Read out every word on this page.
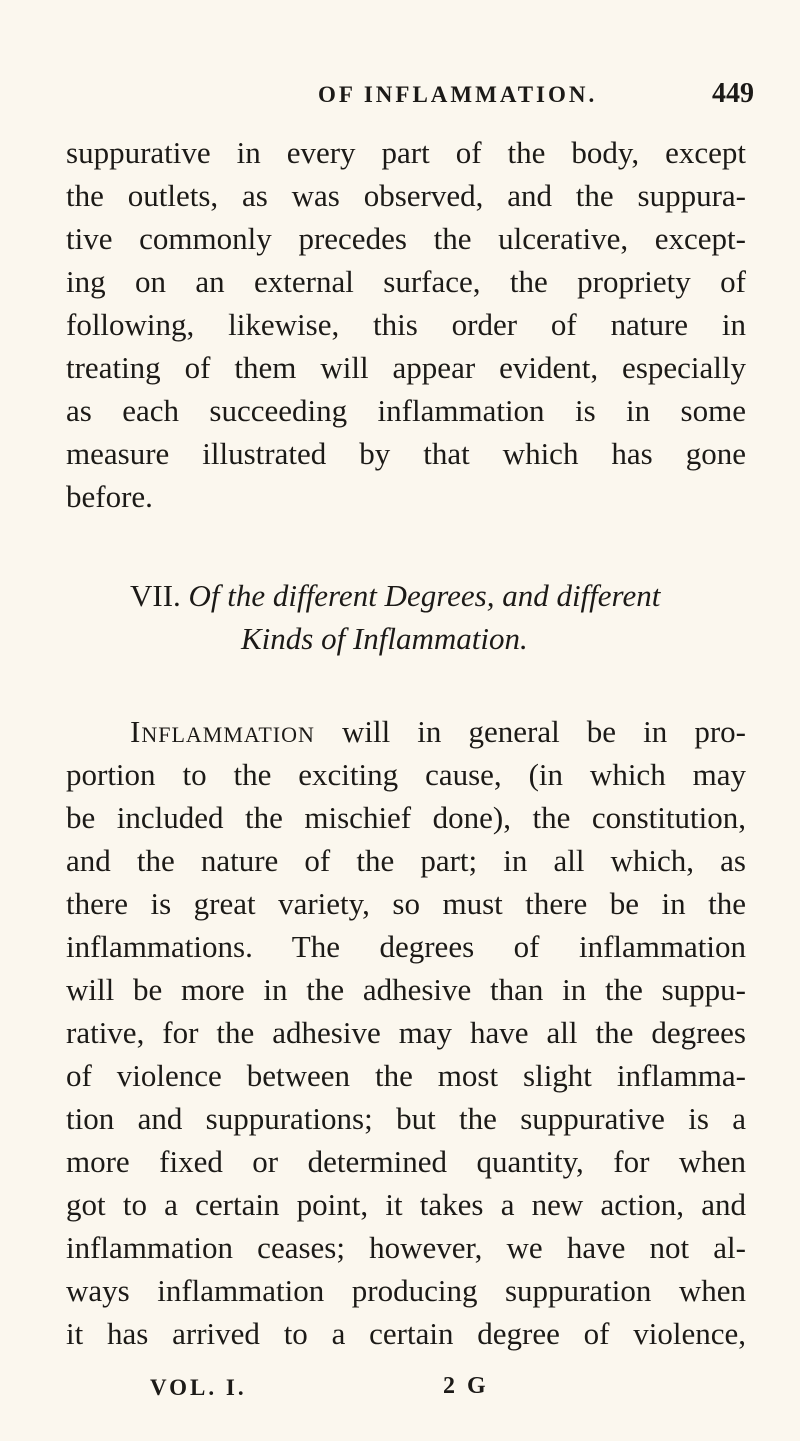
OF INFLAMMATION.	449
suppurative in every part of the body, except
the outlets, as was observed, and the suppura-
tive commonly precedes the ulcerative, except-
ing on an external surface, the propriety of
following, likewise, this order of nature in
treating of them will appear evident, especially
as each succeeding inflammation is in some
measure illustrated by that which has gone
before.
VII. Of the different Degrees, and different
Kinds of Inflammation.
Inflammation will in general be in pro-
portion to the exciting cause, (in which may
be included the mischief done), the constitution,
and the nature of the part; in all which, as
there is great variety, so must there be in the
inflammations. The degrees of inflammation
will be more in the adhesive than in the suppu-
rative, for the adhesive may have all the degrees
of violence between the most slight inflamma-
tion and suppurations; but the suppurative is a
more fixed or determined quantity, for when
got to a certain point, it takes a new action, and
inflammation ceases; however, we have not al-
ways inflammation producing suppuration when
it has arrived to a certain degree of violence,
VOL. I.	2 G
